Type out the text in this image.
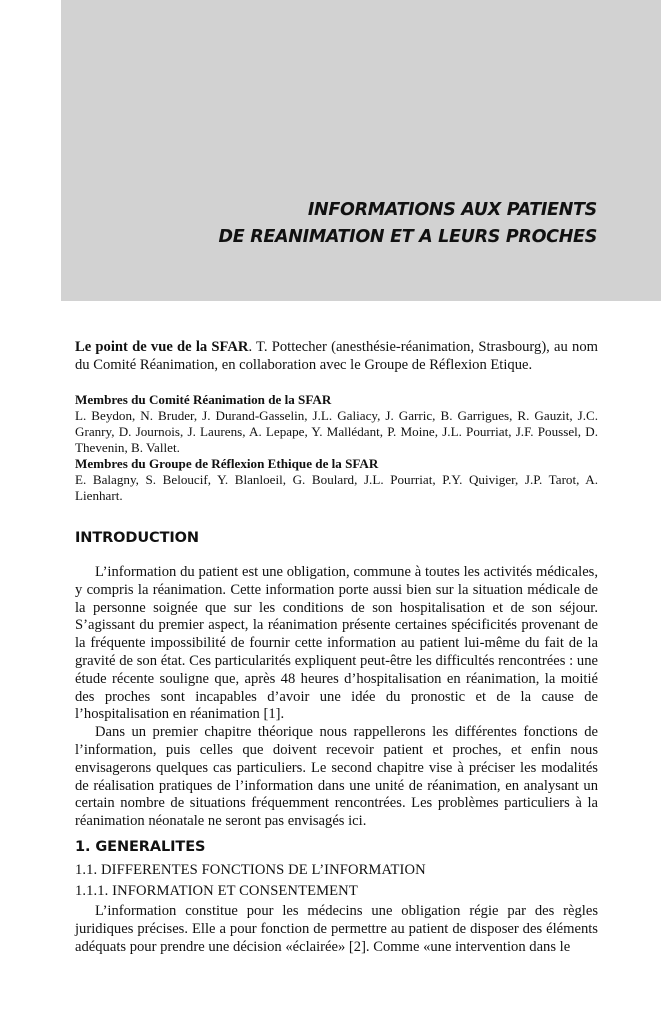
INFORMATIONS AUX PATIENTS
DE REANIMATION ET A LEURS PROCHES

Le point de vue de la SFAR. T. Pottecher (anesthésie-réanimation, Strasbourg), au nom du Comité Réanimation, en collaboration avec le Groupe de Réflexion Etique.

Membres du Comité Réanimation de la SFAR

L. Beydon, N. Bruder, J. Durand-Gasselin, J.L. Galiacy, J. Garric, B. Garrigues, R. Gauzit, J.C. Granry, D. Journois, J. Laurens, A. Lepape, Y. Mallédant, P. Moine, J.L. Pourriat, J.F. Poussel, D. Thevenin, B. Vallet.

Membres du Groupe de Réflexion Ethique de la SFAR

E. Balagny, S. Beloucif, Y. Blanloeil, G. Boulard, J.L. Pourriat, P.Y. Quiviger, J.P. Tarot, A. Lienhart.

INTRODUCTION

L’information du patient est une obligation, commune à toutes les activités médicales, y compris la réanimation. Cette information porte aussi bien sur la situation médicale de la personne soignée que sur les conditions de son hospitalisation et de son séjour. S’agissant du premier aspect, la réanimation présente certaines spécificités provenant de la fréquente impossibilité de fournir cette information au patient lui-même du fait de la gravité de son état. Ces particularités expliquent peut-être les difficultés rencontrées : une étude récente souligne que, après 48 heures d’hospitalisation en réanimation, la moitié des proches sont incapables d’avoir une idée du pronostic et de la cause de l’hospitalisation en réanimation [1].

Dans un premier chapitre théorique nous rappellerons les différentes fonctions de l’information, puis celles que doivent recevoir patient et proches, et enfin nous envisagerons quelques cas particuliers. Le second chapitre vise à préciser les modalités de réalisation pratiques de l’information dans une unité de réanimation, en analysant un certain nombre de situations fréquemment rencontrées. Les problèmes particuliers à la réanimation néonatale ne seront pas envisagés ici.

1. GENERALITES

1.1. DIFFERENTES FONCTIONS DE L’INFORMATION

1.1.1. INFORMATION ET CONSENTEMENT

L’information constitue pour les médecins une obligation régie par des règles juridiques précises. Elle a pour fonction de permettre au patient de disposer des éléments adéquats pour prendre une décision «éclairée» [2]. Comme «une intervention dans le
